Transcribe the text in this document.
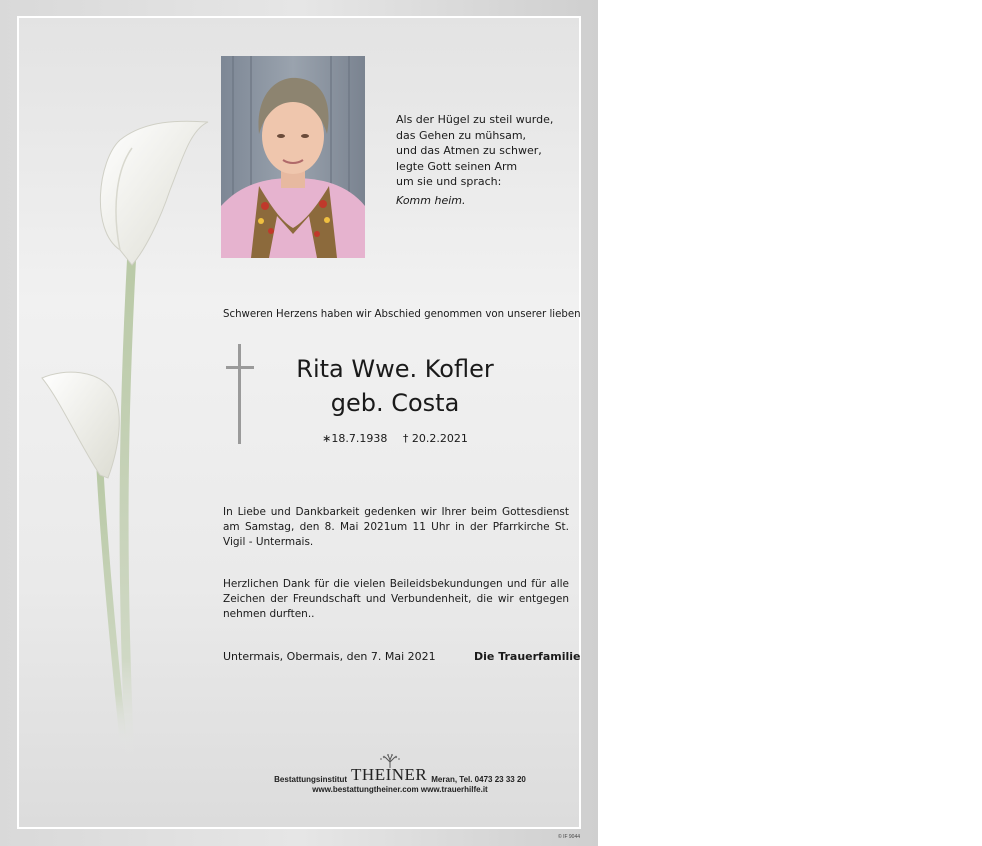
Als der Hügel zu steil wurde,
das Gehen zu mühsam,
und das Atmen zu schwer,
legte Gott seinen Arm
um sie und sprach:
Komm heim.
Schweren Herzens haben wir Abschied genommen von unserer lieben
Rita Wwe. Kofler
geb. Costa
∗18.7.1938 † 20.2.2021
In Liebe und Dankbarkeit gedenken wir Ihrer beim Gottesdienst am Samstag, den 8. Mai 2021um 11 Uhr in der Pfarrkirche St. Vigil - Untermais.
Herzlichen Dank für die vielen Beileidsbekundungen und für alle Zeichen der Freundschaft und Verbundenheit, die wir entgegen nehmen durften..
Untermais, Obermais, den 7. Mai 2021	Die Trauerfamilie
Bestattungsinstitut THEINER Meran, Tel. 0473 23 33 20
www.bestattungtheiner.com www.trauerhilfe.it
© IF 9044
